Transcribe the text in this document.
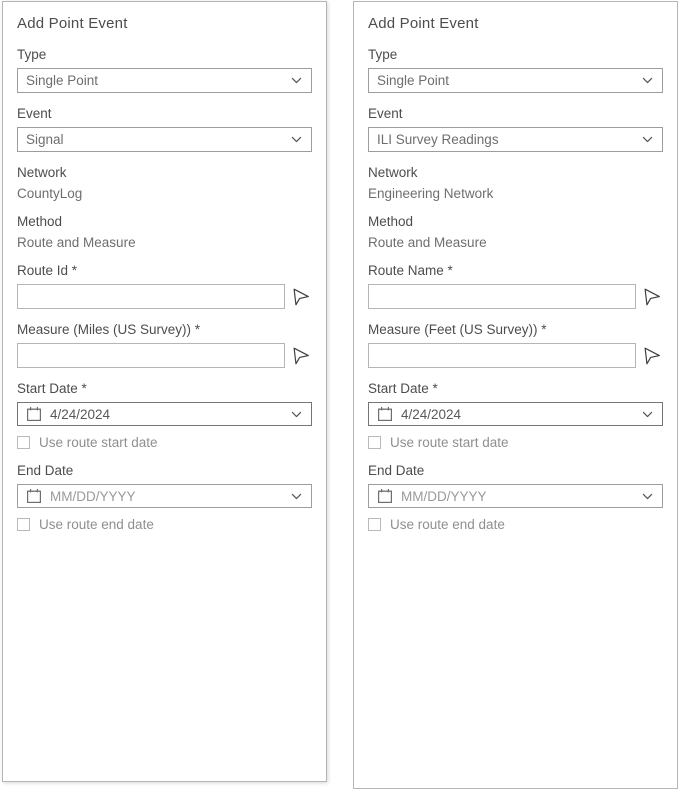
Add Point Event
Type
Single Point
Event
Signal
Network
CountyLog
Method
Route and Measure
Route Id *
Measure (Miles (US Survey)) *
Start Date *
4/24/2024
Use route start date
End Date
MM/DD/YYYY
Use route end date
Add Point Event
Type
Single Point
Event
ILI Survey Readings
Network
Engineering Network
Method
Route and Measure
Route Name *
Measure (Feet (US Survey)) *
Start Date *
4/24/2024
Use route start date
End Date
MM/DD/YYYY
Use route end date
